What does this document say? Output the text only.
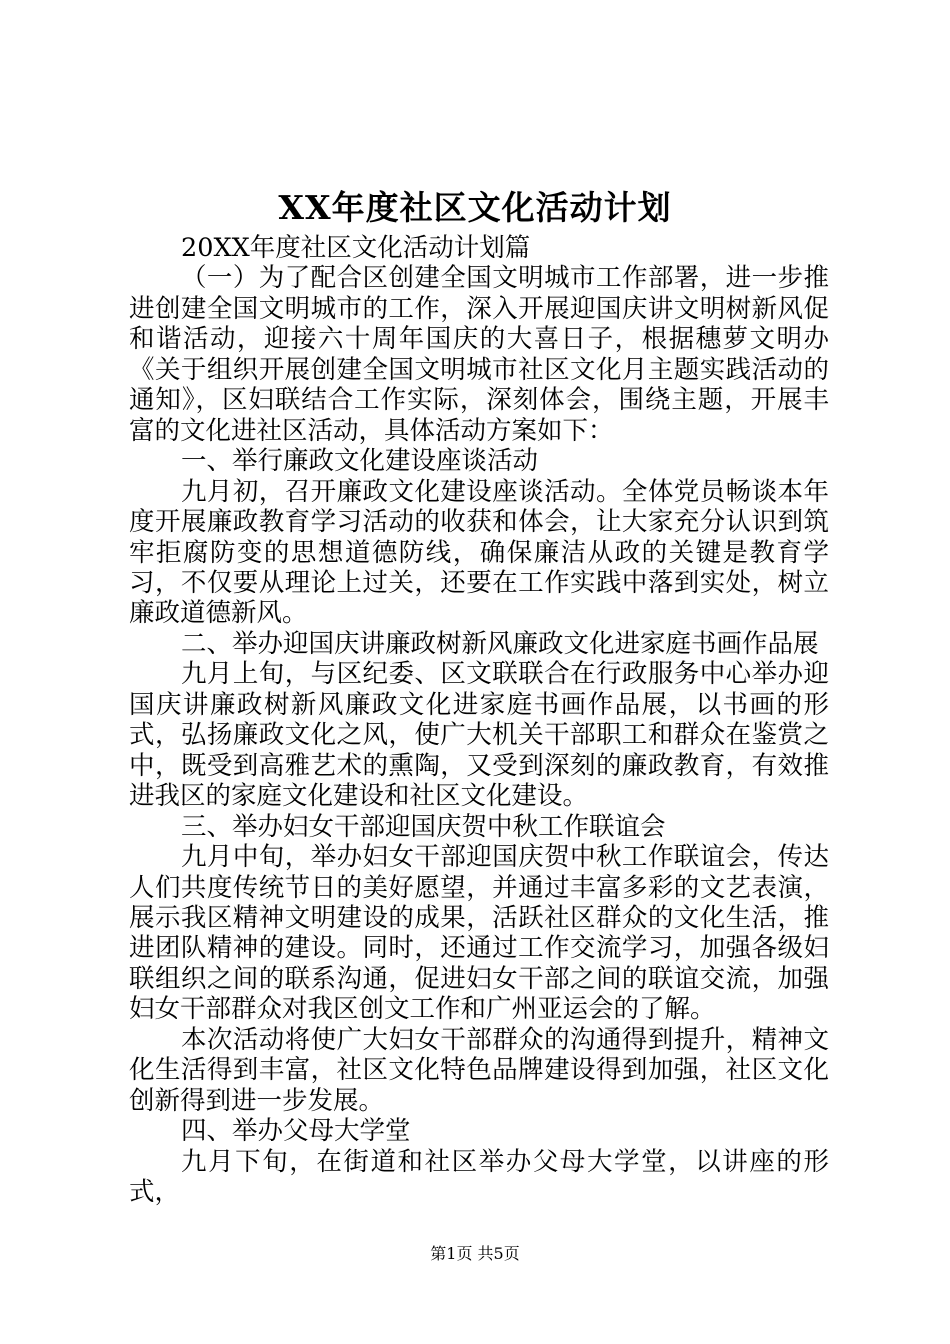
XX年度社区文化活动计划

20XX年度社区文化活动计划篇

（一）为了配合区创建全国文明城市工作部署，进一步推进创建全国文明城市的工作，深入开展迎国庆讲文明树新风促和谐活动，迎接六十周年国庆的大喜日子，根据穗萝文明办《关于组织开展创建全国文明城市社区文化月主题实践活动的通知》，区妇联结合工作实际，深刻体会，围绕主题，开展丰富的文化进社区活动，具体活动方案如下：

一、举行廉政文化建设座谈活动

九月初，召开廉政文化建设座谈活动。全体党员畅谈本年度开展廉政教育学习活动的收获和体会，让大家充分认识到筑牢拒腐防变的思想道德防线，确保廉洁从政的关键是教育学习，不仅要从理论上过关，还要在工作实践中落到实处，树立廉政道德新风。

二、举办迎国庆讲廉政树新风廉政文化进家庭书画作品展

九月上旬，与区纪委、区文联联合在行政服务中心举办迎国庆讲廉政树新风廉政文化进家庭书画作品展，以书画的形式，弘扬廉政文化之风，使广大机关干部职工和群众在鉴赏之中，既受到高雅艺术的熏陶，又受到深刻的廉政教育，有效推进我区的家庭文化建设和社区文化建设。

三、举办妇女干部迎国庆贺中秋工作联谊会

九月中旬，举办妇女干部迎国庆贺中秋工作联谊会，传达人们共度传统节日的美好愿望，并通过丰富多彩的文艺表演，展示我区精神文明建设的成果，活跃社区群众的文化生活，推进团队精神的建设。同时，还通过工作交流学习，加强各级妇联组织之间的联系沟通，促进妇女干部之间的联谊交流，加强妇女干部群众对我区创文工作和广州亚运会的了解。

本次活动将使广大妇女干部群众的沟通得到提升，精神文化生活得到丰富，社区文化特色品牌建设得到加强，社区文化创新得到进一步发展。

四、举办父母大学堂

九月下旬，在街道和社区举办父母大学堂，以讲座的形式，

第1页 共5页
